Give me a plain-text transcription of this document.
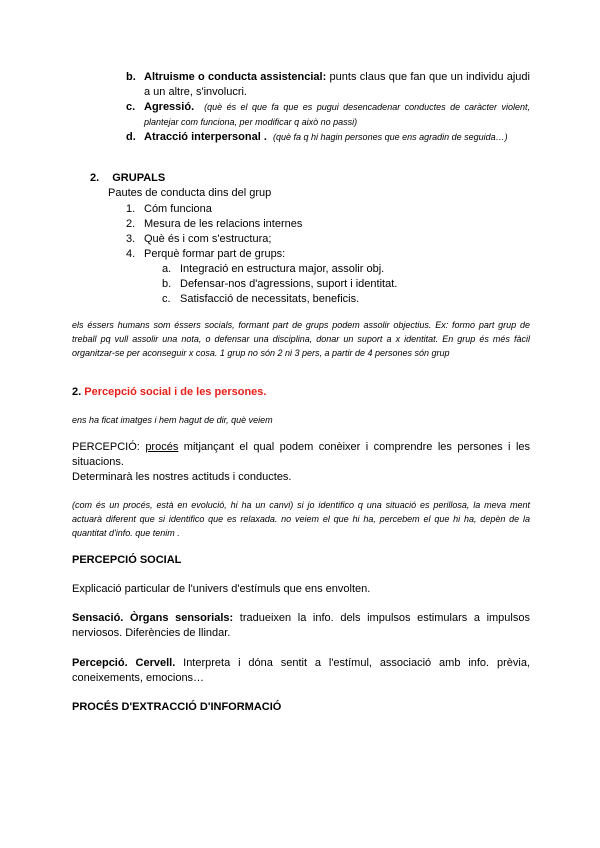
b. Altruisme o conducta assistencial: punts claus que fan que un individu ajudi a un altre, s'involucri.
c. Agressió. (què és el que fa que es pugui desencadenar conductes de caràcter violent, plantejar com funciona, per modificar q això no passi)
d. Atracció interpersonal . (què fa q hi hagin persones que ens agradin de seguida…)
2. GRUPALS
Pautes de conducta dins del grup
1. Cóm funciona
2. Mesura de les relacions internes
3. Què és i com s'estructura;
4. Perquè formar part de grups:
a. Integració en estructura major, assolir obj.
b. Defensar-nos d'agressions, suport i identitat.
c. Satisfacció de necessitats, beneficis.
els éssers humans som éssers socials, formant part de grups podem assolir objectius. Ex: formo part grup de treball pq vull assolir una nota, o defensar una disciplina, donar un suport a x identitat. En grup és més fàcil organitzar-se per aconseguir x cosa. 1 grup no són 2 ni 3 pers, a partir de 4 persones són grup
2. Percepció social i de les persones.
ens ha ficat imatges i hem hagut de dir, què veiem
PERCEPCIÓ: procés mitjançant el qual podem conèixer i comprendre les persones i les situacions.
Determinarà les nostres actituds i conductes.
(com és un procés, està en evolució, hi ha un canvi) si jo identifico q una situació es perillosa, la meva ment actuarà diferent que si identifico que es relaxada. no veiem el que hi ha, percebem el que hi ha, depèn de la quantitat d'info. que tenim .
PERCEPCIÓ SOCIAL
Explicació particular de l'univers d'estímuls que ens envolten.
Sensació. Òrgans sensorials: tradueixen la info. dels impulsos estimulars a impulsos nerviosos. Diferències de llindar.
Percepció. Cervell. Interpreta i dóna sentit a l'estímul, associació amb info. prèvia, coneixements, emocions…
PROCÉS D'EXTRACCIÓ D'INFORMACIÓ
